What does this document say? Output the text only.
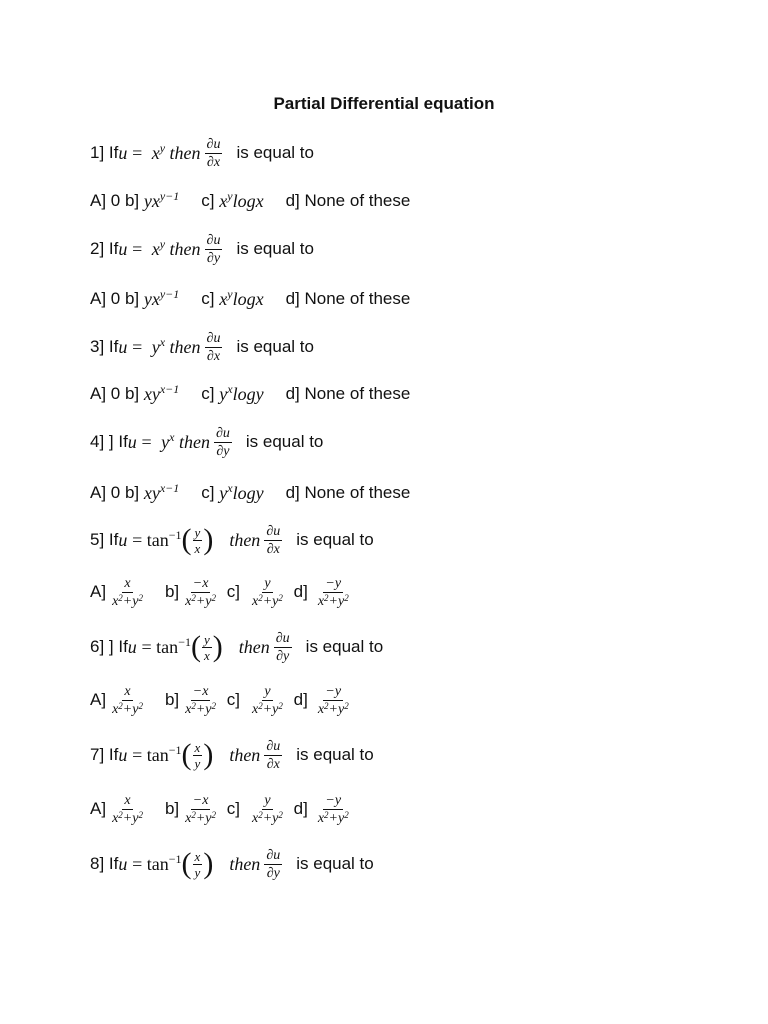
Partial Differential equation
1] If u
=
$x^y$ then $\frac{\partial u}{\partial x}$ is equal to
A] 0 b]
$yx^{y-1}$ c]
$x^y\log x$ d] None of these
2] If u
=
$x^y$ then $\frac{\partial u}{\partial y}$ is equal to
A] 0 b]
$yx^{y-1}$ c]
$x^y\log x$ d] None of these
3] If u
=
$y^x$ then $\frac{\partial u}{\partial x}$ is equal to
A] 0 b]
$xy^{x-1}$ c]
$y^x\log y$ d] None of these
4] ] If u
=
$y^x$ then $\frac{\partial u}{\partial y}$ is equal to
A] 0 b]
$xy^{x-1}$ c]
$y^x\log y$ d] None of these
5] If u
= $\tan^{-1}$ ( $\frac{y}{x}$ ) then $\frac{\partial u}{\partial x}$ is equal to
$A] \frac{x}{x^2+y^2} b] \frac{-x}{x^2+y^2}$
$c] \frac{y}{x^2+y^2}$
$d] \frac{-y}{x^2+y^2}$
6] ] If u
= $\tan^{-1}$ ( $\frac{y}{x}$ ) then $\frac{\partial u}{\partial y}$ is equal to
$A] \frac{x}{x^2+y^2} b] \frac{-x}{x^2+y^2}$
$c] \frac{y}{x^2+y^2}$
$d] \frac{-y}{x^2+y^2}$
7] If u
= $\tan^{-1}$ ( $\frac{x}{y}$ ) then $\frac{\partial u}{\partial x}$ is equal to
$A] \frac{x}{x^2+y^2} b] \frac{-x}{x^2+y^2}$
$c] \frac{y}{x^2+y^2}$
$d] \frac{-y}{x^2+y^2}$
8] If u
= $\tan^{-1}$ ( $\frac{x}{y}$ ) then $\frac{\partial u}{\partial y}$ is equal to
